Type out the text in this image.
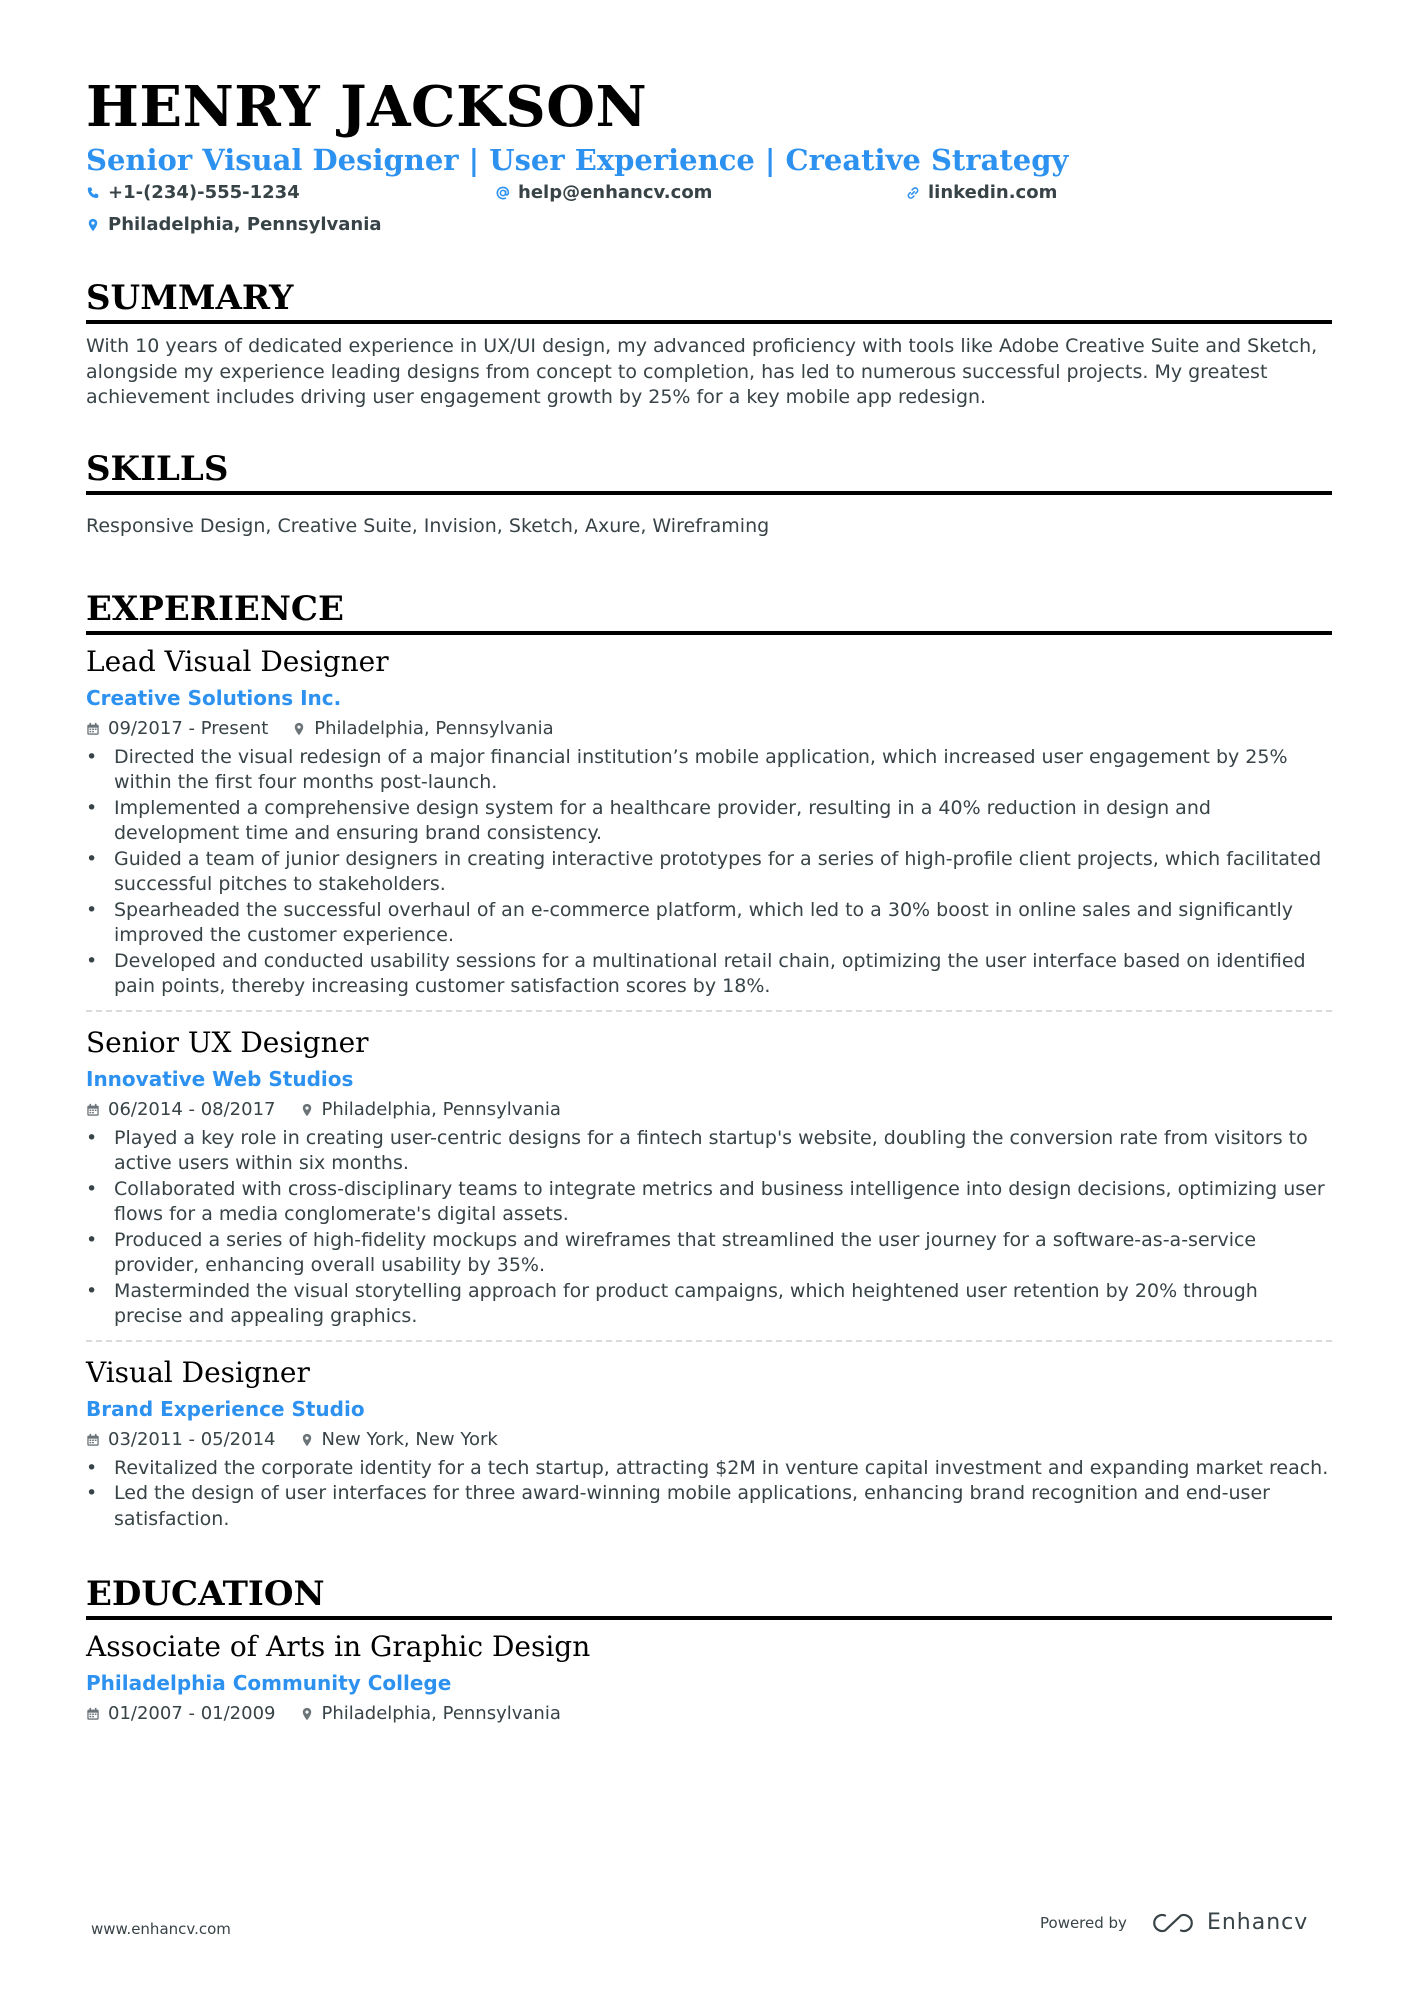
HENRY JACKSON
Senior Visual Designer | User Experience | Creative Strategy
+1-(234)-555-1234	help@enhancv.com	linkedin.com
Philadelphia, Pennsylvania
SUMMARY
With 10 years of dedicated experience in UX/UI design, my advanced proficiency with tools like Adobe Creative Suite and Sketch, alongside my experience leading designs from concept to completion, has led to numerous successful projects. My greatest achievement includes driving user engagement growth by 25% for a key mobile app redesign.
SKILLS
Responsive Design, Creative Suite, Invision, Sketch, Axure, Wireframing
EXPERIENCE
Lead Visual Designer
Creative Solutions Inc.
09/2017 - Present	Philadelphia, Pennsylvania
• Directed the visual redesign of a major financial institution’s mobile application, which increased user engagement by 25% within the first four months post-launch.
• Implemented a comprehensive design system for a healthcare provider, resulting in a 40% reduction in design and development time and ensuring brand consistency.
• Guided a team of junior designers in creating interactive prototypes for a series of high-profile client projects, which facilitated successful pitches to stakeholders.
• Spearheaded the successful overhaul of an e-commerce platform, which led to a 30% boost in online sales and significantly improved the customer experience.
• Developed and conducted usability sessions for a multinational retail chain, optimizing the user interface based on identified pain points, thereby increasing customer satisfaction scores by 18%.
Senior UX Designer
Innovative Web Studios
06/2014 - 08/2017	Philadelphia, Pennsylvania
• Played a key role in creating user-centric designs for a fintech startup's website, doubling the conversion rate from visitors to active users within six months.
• Collaborated with cross-disciplinary teams to integrate metrics and business intelligence into design decisions, optimizing user flows for a media conglomerate's digital assets.
• Produced a series of high-fidelity mockups and wireframes that streamlined the user journey for a software-as-a-service provider, enhancing overall usability by 35%.
• Masterminded the visual storytelling approach for product campaigns, which heightened user retention by 20% through precise and appealing graphics.
Visual Designer
Brand Experience Studio
03/2011 - 05/2014	New York, New York
• Revitalized the corporate identity for a tech startup, attracting $2M in venture capital investment and expanding market reach.
• Led the design of user interfaces for three award-winning mobile applications, enhancing brand recognition and end-user satisfaction.
EDUCATION
Associate of Arts in Graphic Design
Philadelphia Community College
01/2007 - 01/2009	Philadelphia, Pennsylvania
www.enhancv.com	Powered by	Enhancv
